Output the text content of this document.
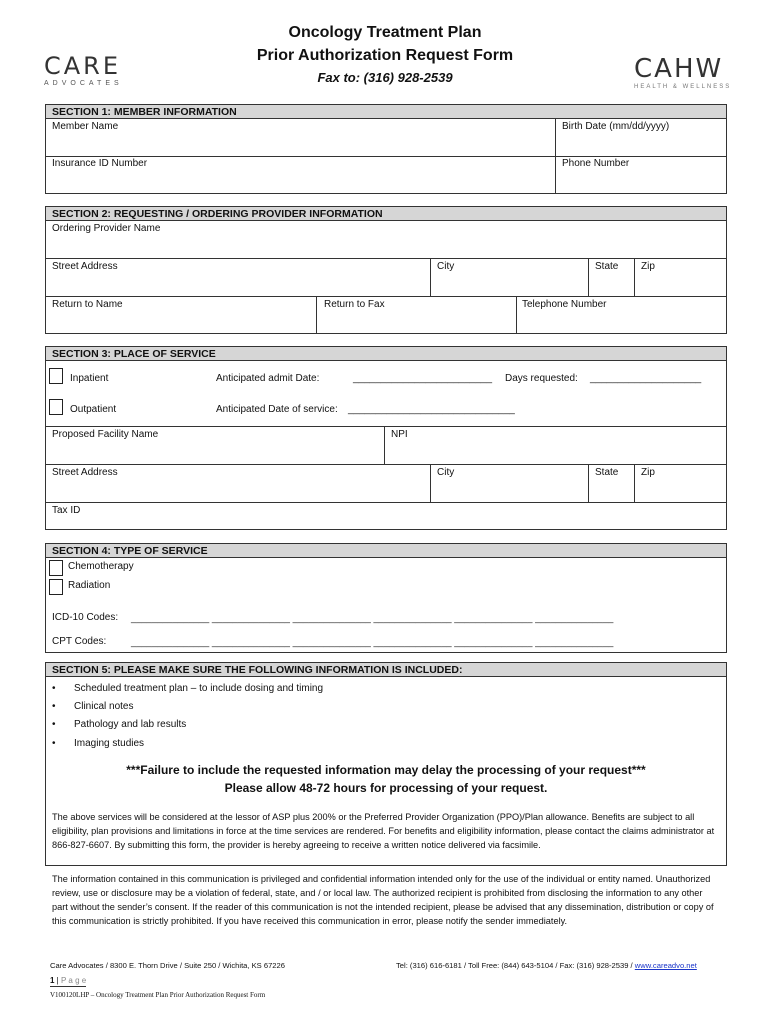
Oncology Treatment Plan
Prior Authorization Request Form
Fax to: (316) 928-2539
CARE
ADVOCATES	CAHW
HEALTH & WELLNESS
SECTION 1: MEMBER INFORMATION
Member Name	Birth Date (mm/dd/yyyy)
Insurance ID Number	Phone Number
SECTION 2: REQUESTING / ORDERING PROVIDER INFORMATION
Ordering Provider Name
Street Address	City	State Zip
Return to Name	Return to Fax	Telephone Number
SECTION 3: PLACE OF SERVICE
Inpatient	Anticipated admit Date:	_________________________ Days requested: ____________________
Outpatient	Anticipated Date of service: ______________________________
Proposed Facility Name	NPI
Street Address	City	State Zip
Tax ID
SECTION 4: TYPE OF SERVICE
Chemotherapy
Radiation
ICD-10 Codes: _______________ _______________ _______________ _______________ _______________ _______________
CPT Codes:	_______________ _______________ _______________ _______________ _______________ _______________
SECTION 5: PLEASE MAKE SURE THE FOLLOWING INFORMATION IS INCLUDED:
• Scheduled treatment plan – to include dosing and timing
• Clinical notes
• Pathology and lab results
• Imaging studies
***Failure to include the requested information may delay the processing of your request***
Please allow 48-72 hours for processing of your request.
The above services will be considered at the lessor of ASP plus 200% or the Preferred Provider Organization (PPO)/Plan allowance. Benefits are subject to all eligibility, plan provisions and limitations in force at the time services are rendered. For benefits and eligibility information, please contact the claims administrator at 866-827-6607. By submitting this form, the provider is hereby agreeing to receive a written notice delivered via facsimile.
The information contained in this communication is privileged and confidential information intended only for the use of the individual or entity named. Unauthorized review, use or disclosure may be a violation of federal, state, and / or local law. The authorized recipient is prohibited from disclosing the information to any other part without the sender’s consent. If the reader of this communication is not the intended recipient, please be advised that any dissemination, distribution or copy of this communication is strictly prohibited. If you have received this communication in error, please notify the sender immediately.
Care Advocates / 8300 E. Thorn Drive / Suite 250 / Wichita, KS 67226	Tel: (316) 616-6181 / Toll Free: (844) 643-5104 / Fax: (316) 928-2539 / www.careadvo.net
1 | P a g e
V100120LHP – Oncology Treatment Plan Prior Authorization Request Form
